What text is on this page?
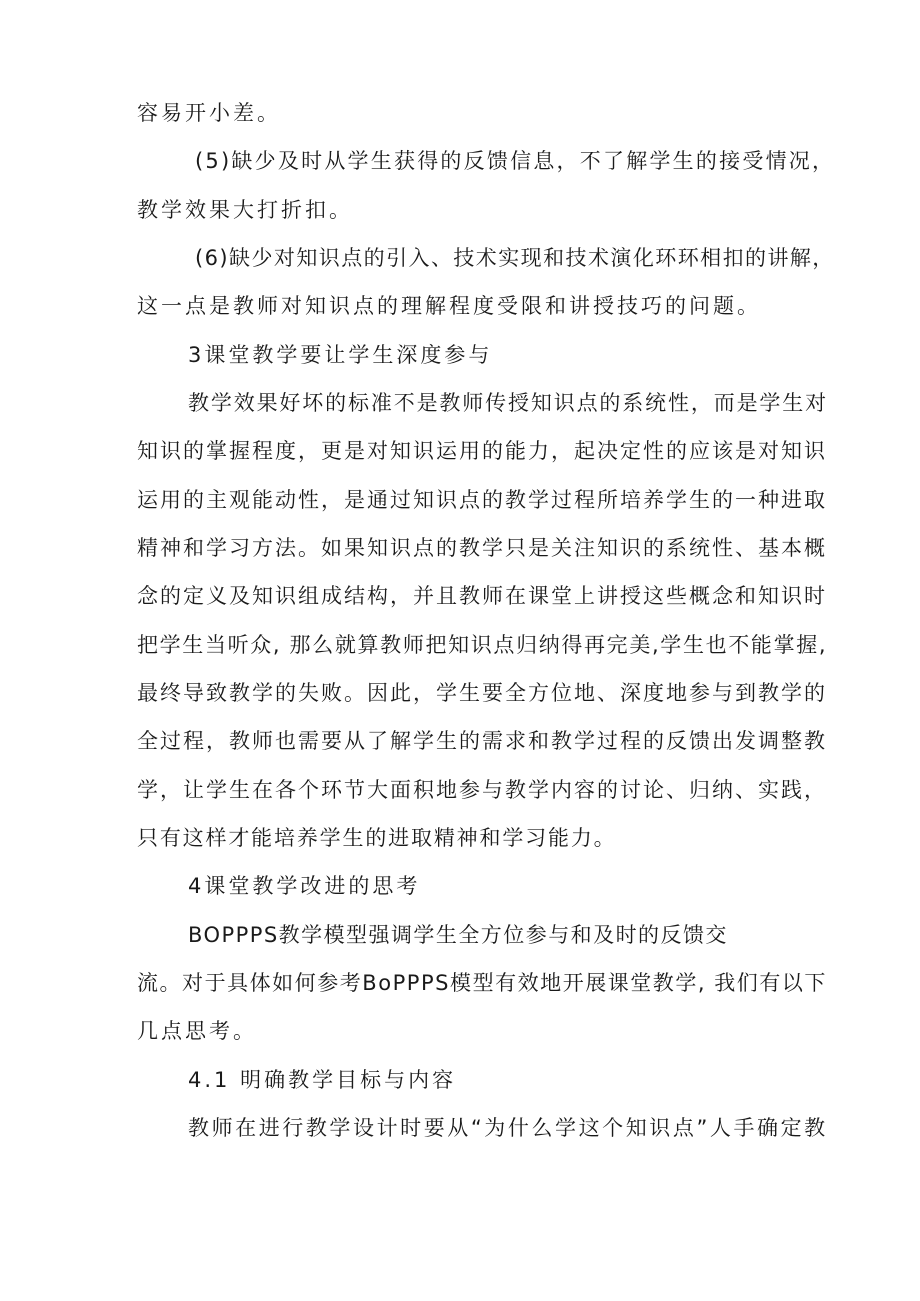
容易开小差。
(5)缺少及时从学生获得的反馈信息，不了解学生的接受情况，
教学效果大打折扣。
(6)缺少对知识点的引入、技术实现和技术演化环环相扣的讲解，
这一点是教师对知识点的理解程度受限和讲授技巧的问题。
3课堂教学要让学生深度参与
教学效果好坏的标准不是教师传授知识点的系统性，而是学生对
知识的掌握程度，更是对知识运用的能力，起决定性的应该是对知识
运用的主观能动性，是通过知识点的教学过程所培养学生的一种进取
精神和学习方法。如果知识点的教学只是关注知识的系统性、基本概
念的定义及知识组成结构，并且教师在课堂上讲授这些概念和知识时
把学生当听众, 那么就算教师把知识点归纳得再完美,学生也不能掌握,
最终导致教学的失败。因此，学生要全方位地、深度地参与到教学的
全过程，教师也需要从了解学生的需求和教学过程的反馈出发调整教
学，让学生在各个环节大面积地参与教学内容的讨论、归纳、实践，
只有这样才能培养学生的进取精神和学习能力。
4课堂教学改进的思考
BOPPPS教学模型强调学生全方位参与和及时的反馈交
流。对于具体如何参考BoPPPS模型有效地开展课堂教学, 我们有以下
几点思考。
4.1 明确教学目标与内容
教师在进行教学设计时要从“为什么学这个知识点”人手确定教
